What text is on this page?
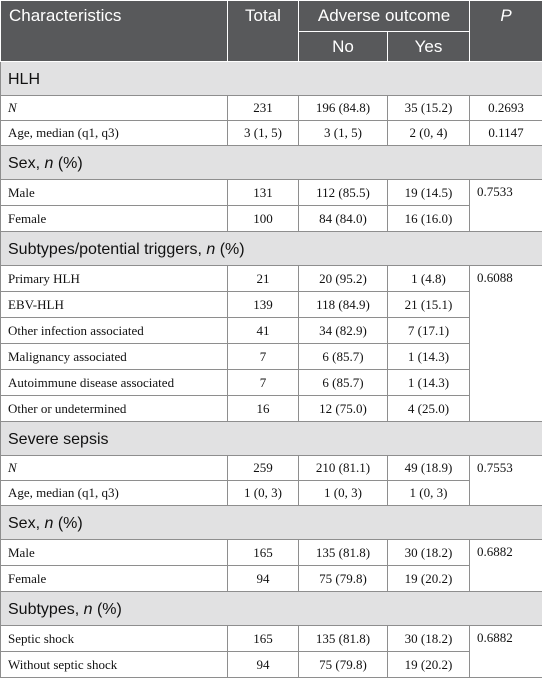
Characteristics	Total	Adverse outcome		P
		No	Yes	
HLH				
N	231	196 (84.8)	35 (15.2)	0.2693
Age, median (q1, q3)	3 (1, 5)	3 (1, 5)	2 (0, 4)	0.1147
Sex, n (%)				
Male	131	112 (85.5)	19 (14.5)	0.7533
Female	100	84 (84.0)	16 (16.0)	
Subtypes/potential triggers, n (%)				
Primary HLH	21	20 (95.2)	1 (4.8)	0.6088
EBV-HLH	139	118 (84.9)	21 (15.1)	
Other infection associated	41	34 (82.9)	7 (17.1)	
Malignancy associated	7	6 (85.7)	1 (14.3)	
Autoimmune disease associated	7	6 (85.7)	1 (14.3)	
Other or undetermined	16	12 (75.0)	4 (25.0)	
Severe sepsis				
N	259	210 (81.1)	49 (18.9)	0.7553
Age, median (q1, q3)	1 (0, 3)	1 (0, 3)	1 (0, 3)	
Sex, n (%)				
Male	165	135 (81.8)	30 (18.2)	0.6882
Female	94	75 (79.8)	19 (20.2)	
Subtypes, n (%)				
Septic shock	165	135 (81.8)	30 (18.2)	0.6882
Without septic shock	94	75 (79.8)	19 (20.2)	
